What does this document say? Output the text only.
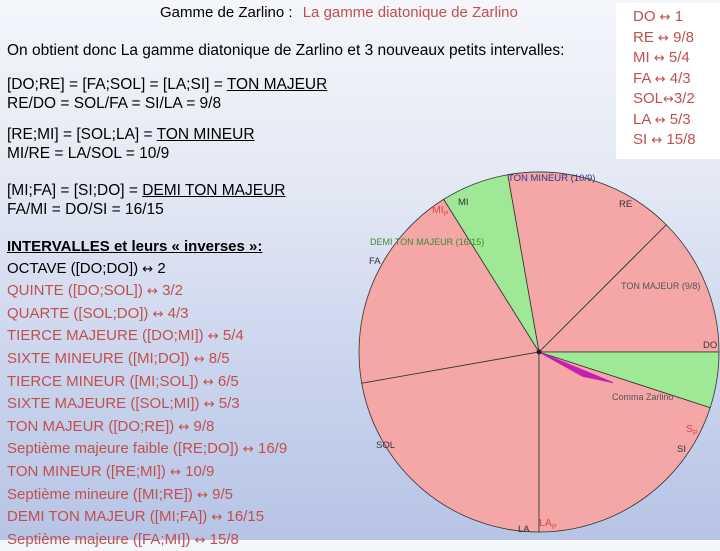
Gamme de Zarlino : La gamme diatonique de Zarlino
On obtient donc La gamme diatonique de Zarlino et 3 nouveaux petits intervalles:
[DO;RE] = [FA;SOL] = [LA;SI] = TON MAJEUR
RE/DO = SOL/FA = SI/LA = 9/8
[RE;MI] = [SOL;LA] = TON MINEUR
MI/RE = LA/SOL = 10/9
[MI;FA] = [SI;DO] = DEMI TON MAJEUR
FA/MI = DO/SI = 16/15
INTERVALLES et leurs « inverses »:
OCTAVE ([DO;DO]) ↔ 2
QUINTE ([DO;SOL]) ↔ 3/2
QUARTE ([SOL;DO]) ↔ 4/3
TIERCE MAJEURE ([DO;MI]) ↔ 5/4
SIXTE MINEURE ([MI;DO]) ↔ 8/5
TIERCE MINEUR ([MI;SOL]) ↔ 6/5
SIXTE MAJEURE ([SOL;MI]) ↔ 5/3
TON MAJEUR ([DO;RE]) ↔ 9/8
Septième majeure faible ([RE;DO]) ↔ 16/9
TON MINEUR ([RE;MI]) ↔ 10/9
Septième mineure ([MI;RE]) ↔ 9/5
DEMI TON MAJEUR ([MI;FA]) ↔ 16/15
Septième majeure ([FA;MI]) ↔ 15/8
DO ↔ 1
RE ↔ 9/8
MI ↔ 5/4
FA ↔ 4/3
SOL↔3/2
LA ↔ 5/3
SI ↔ 15/8
MI	RE
FA
DO
SOL	SI
LA
$MI_P$
$LA_P$
$S_P$
TON MINEUR (10/9)
DEMI TON MAJEUR (16/15)
TON MAJEUR (9/8)
Comma Zarlino
